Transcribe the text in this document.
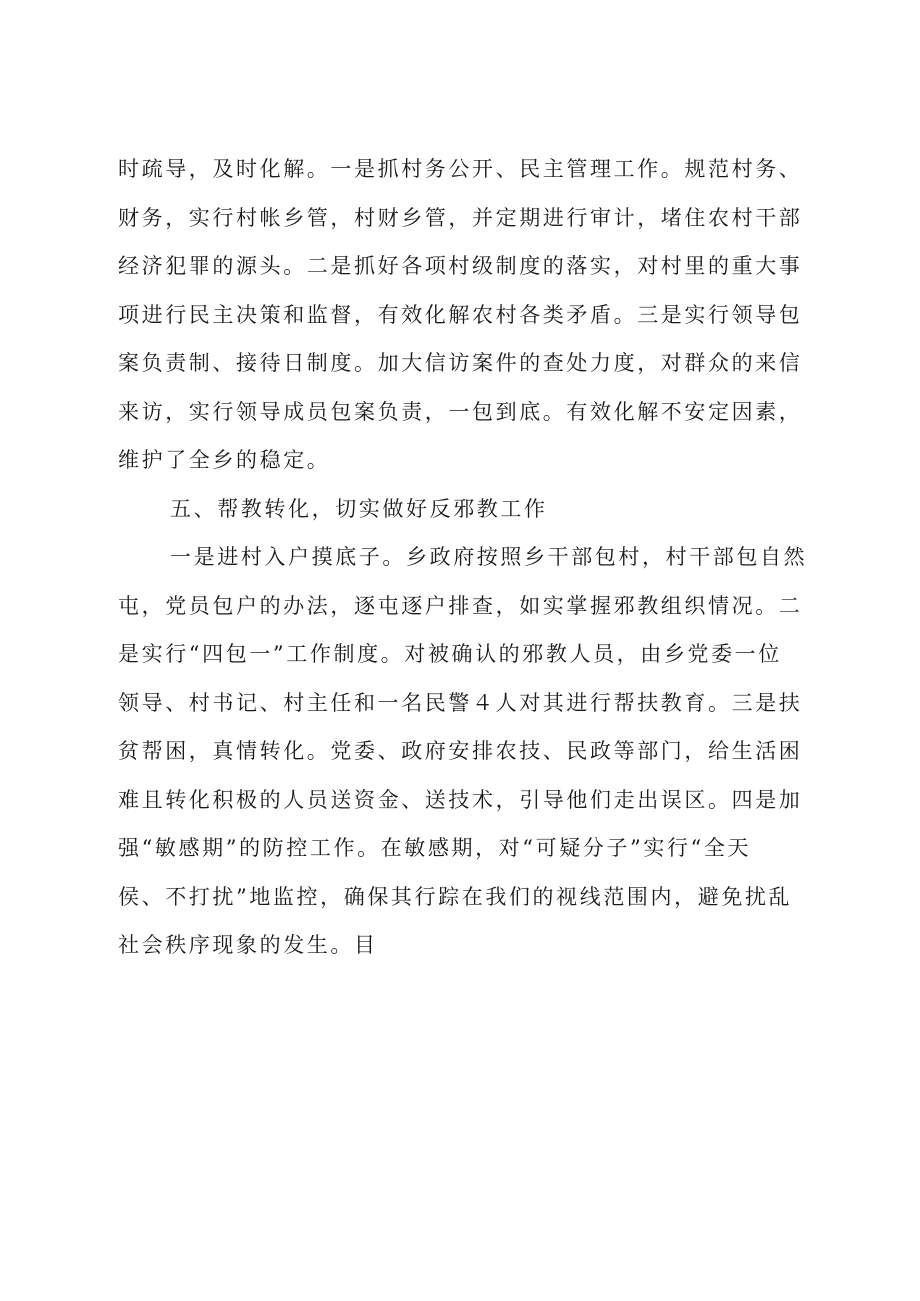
时疏导，及时化解。一是抓村务公开、民主管理工作。规范村务、
财务，实行村帐乡管，村财乡管，并定期进行审计，堵住农村干部
经济犯罪的源头。二是抓好各项村级制度的落实，对村里的重大事
项进行民主决策和监督，有效化解农村各类矛盾。三是实行领导包
案负责制、接待日制度。加大信访案件的查处力度，对群众的来信
来访，实行领导成员包案负责，一包到底。有效化解不安定因素，
维护了全乡的稳定。
五、帮教转化，切实做好反邪教工作
一是进村入户摸底子。乡政府按照乡干部包村，村干部包自然
屯，党员包户的办法，逐屯逐户排查，如实掌握邪教组织情况。二
是实行“四包一”工作制度。对被确认的邪教人员，由乡党委一位
领导、村书记、村主任和一名民警４人对其进行帮扶教育。三是扶
贫帮困，真情转化。党委、政府安排农技、民政等部门，给生活困
难且转化积极的人员送资金、送技术，引导他们走出误区。四是加
强“敏感期”的防控工作。在敏感期，对“可疑分子”实行“全天
侯、不打扰”地监控，确保其行踪在我们的视线范围内，避免扰乱
社会秩序现象的发生。目
